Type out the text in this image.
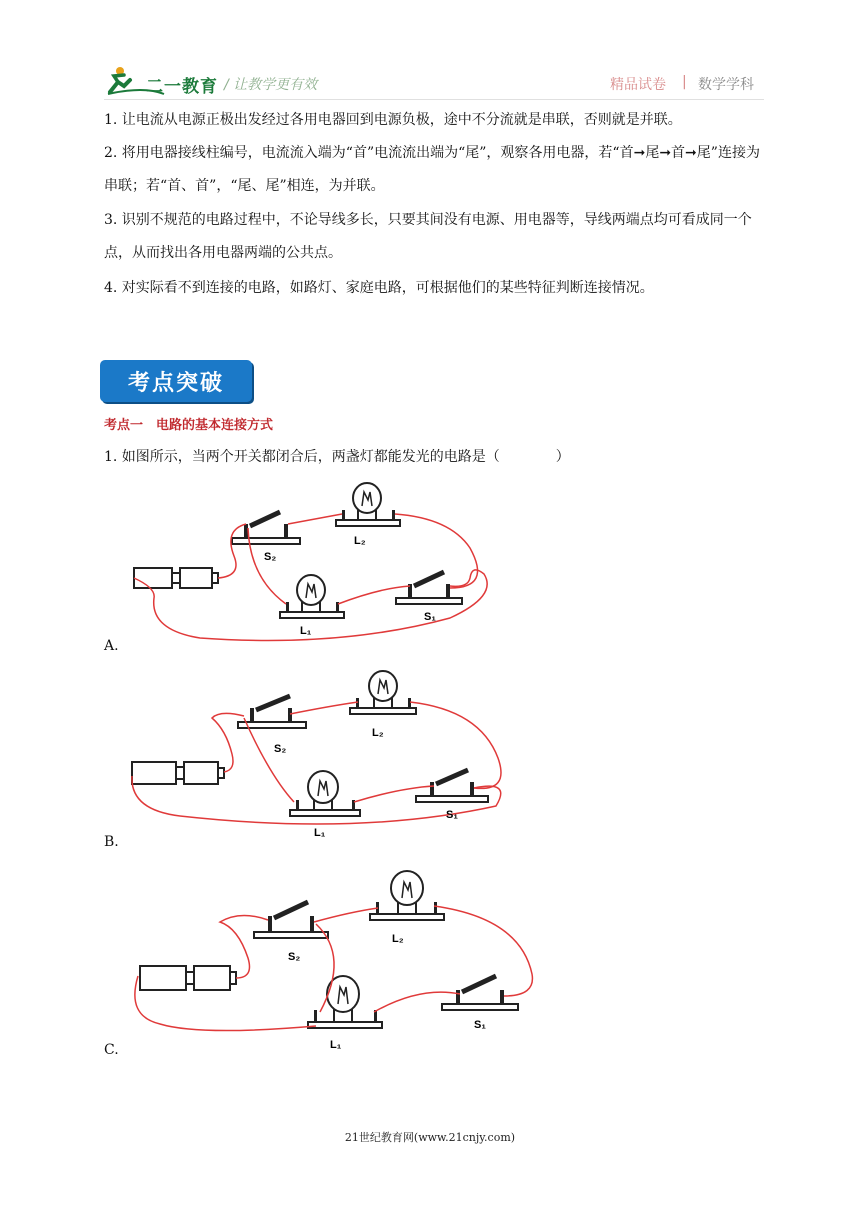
二一教育 / 让教学更有效	精品试卷 | 数学学科
1. 让电流从电源正极出发经过各用电器回到电源负极，途中不分流就是串联，否则就是并联。
2. 将用电器接线柱编号，电流流入端为“首”电流流出端为“尾”，观察各用电器，若“首➞尾➞首➞尾”连接为串联；若“首、首”，“尾、尾”相连，为并联。
3. 识别不规范的电路过程中，不论导线多长，只要其间没有电源、用电器等，导线两端点均可看成同一个点，从而找出各用电器两端的公共点。
4. 对实际看不到连接的电路，如路灯、家庭电路，可根据他们的某些特征判断连接情况。
考点突破
考点一　电路的基本连接方式
1. 如图所示，当两个开关都闭合后，两盏灯都能发光的电路是（　　　　）
S₂
L₂
L₁
S₁
A.
S₂
L₂
L₁
S₁
B.
S₂
L₂
L₁
S₁
C.
21世纪教育网(www.21cnjy.com)
